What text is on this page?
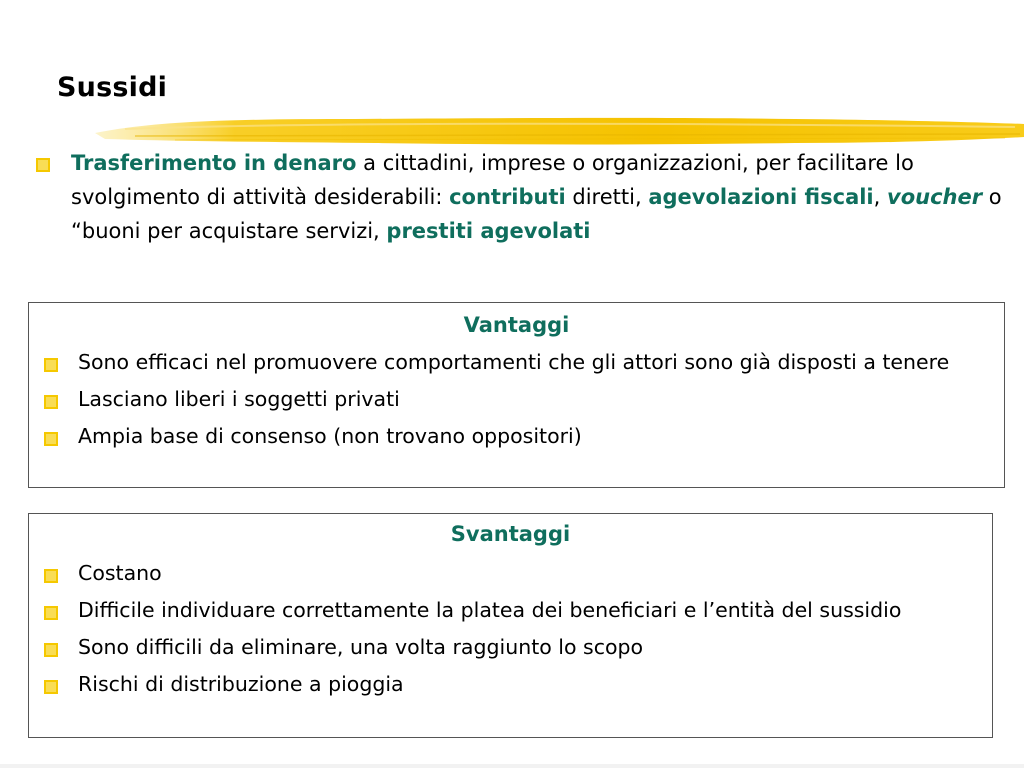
Sussidi
Trasferimento in denaro a cittadini, imprese o organizzazioni, per facilitare lo svolgimento di attività desiderabili: contributi diretti, agevolazioni fiscali, voucher o “buoni per acquistare servizi, prestiti agevolati
Vantaggi
Sono efficaci nel promuovere comportamenti che gli attori sono già disposti a tenere
Lasciano liberi i soggetti privati
Ampia base di consenso (non trovano oppositori)
Svantaggi
Costano
Difficile individuare correttamente la platea dei beneficiari e l’entità del sussidio
Sono difficili da eliminare, una volta raggiunto lo scopo
Rischi di distribuzione a pioggia
